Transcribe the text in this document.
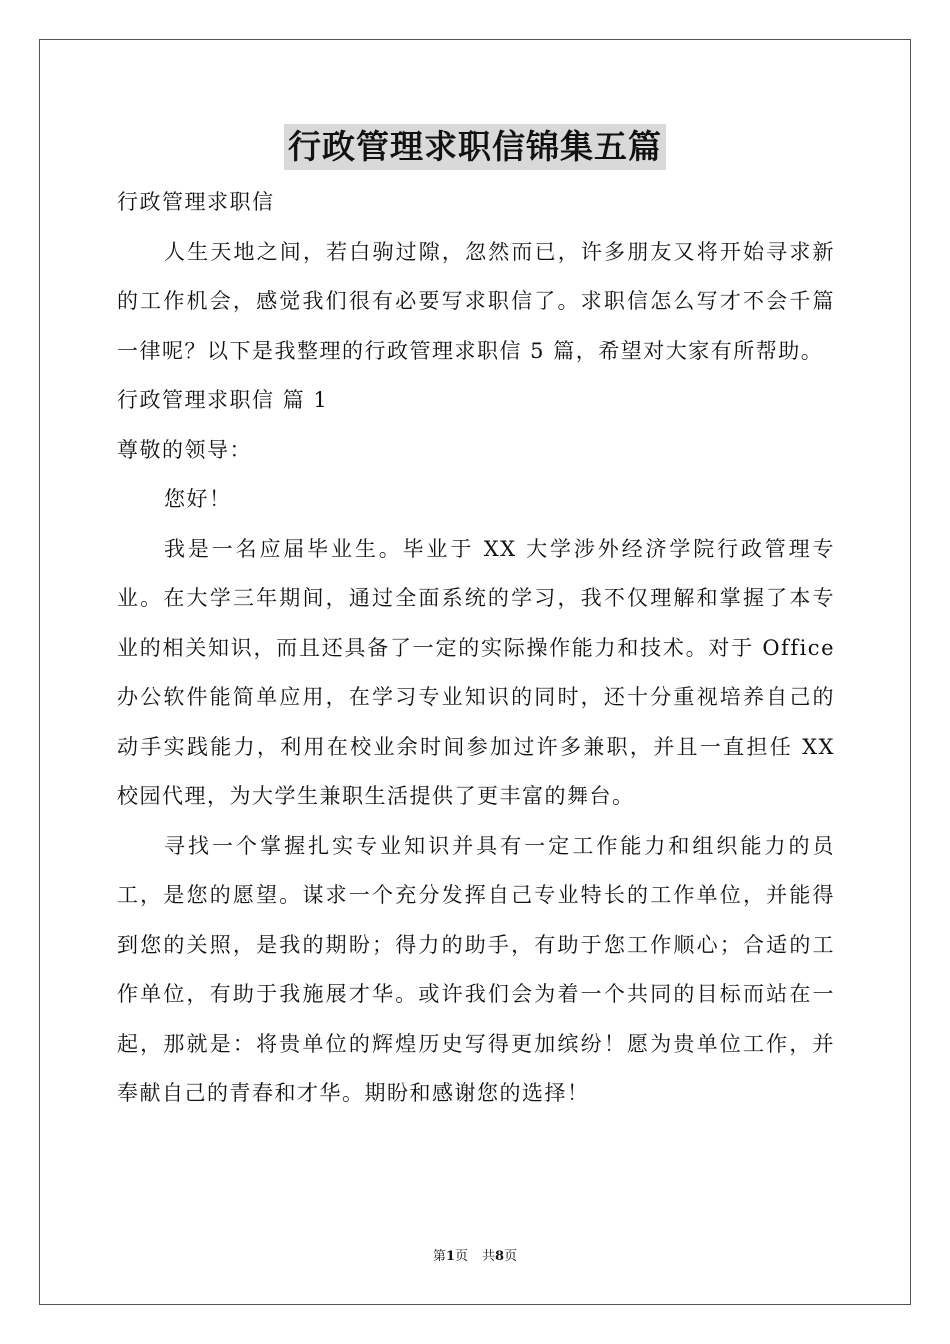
行政管理求职信锦集五篇

行政管理求职信

人生天地之间，若白驹过隙，忽然而已，许多朋友又将开始寻求新的工作机会，感觉我们很有必要写求职信了。求职信怎么写才不会千篇一律呢？以下是我整理的行政管理求职信 5 篇，希望对大家有所帮助。

行政管理求职信 篇 1

尊敬的领导：

您好！

我是一名应届毕业生。毕业于 XX 大学涉外经济学院行政管理专业。在大学三年期间，通过全面系统的学习，我不仅理解和掌握了本专业的相关知识，而且还具备了一定的实际操作能力和技术。对于 Office 办公软件能简单应用，在学习专业知识的同时，还十分重视培养自己的动手实践能力，利用在校业余时间参加过许多兼职，并且一直担任 XX 校园代理，为大学生兼职生活提供了更丰富的舞台。

寻找一个掌握扎实专业知识并具有一定工作能力和组织能力的员工，是您的愿望。谋求一个充分发挥自己专业特长的工作单位，并能得到您的关照，是我的期盼；得力的助手，有助于您工作顺心；合适的工作单位，有助于我施展才华。或许我们会为着一个共同的目标而站在一起，那就是：将贵单位的辉煌历史写得更加缤纷！愿为贵单位工作，并奉献自己的青春和才华。期盼和感谢您的选择！

第1页 共8页
